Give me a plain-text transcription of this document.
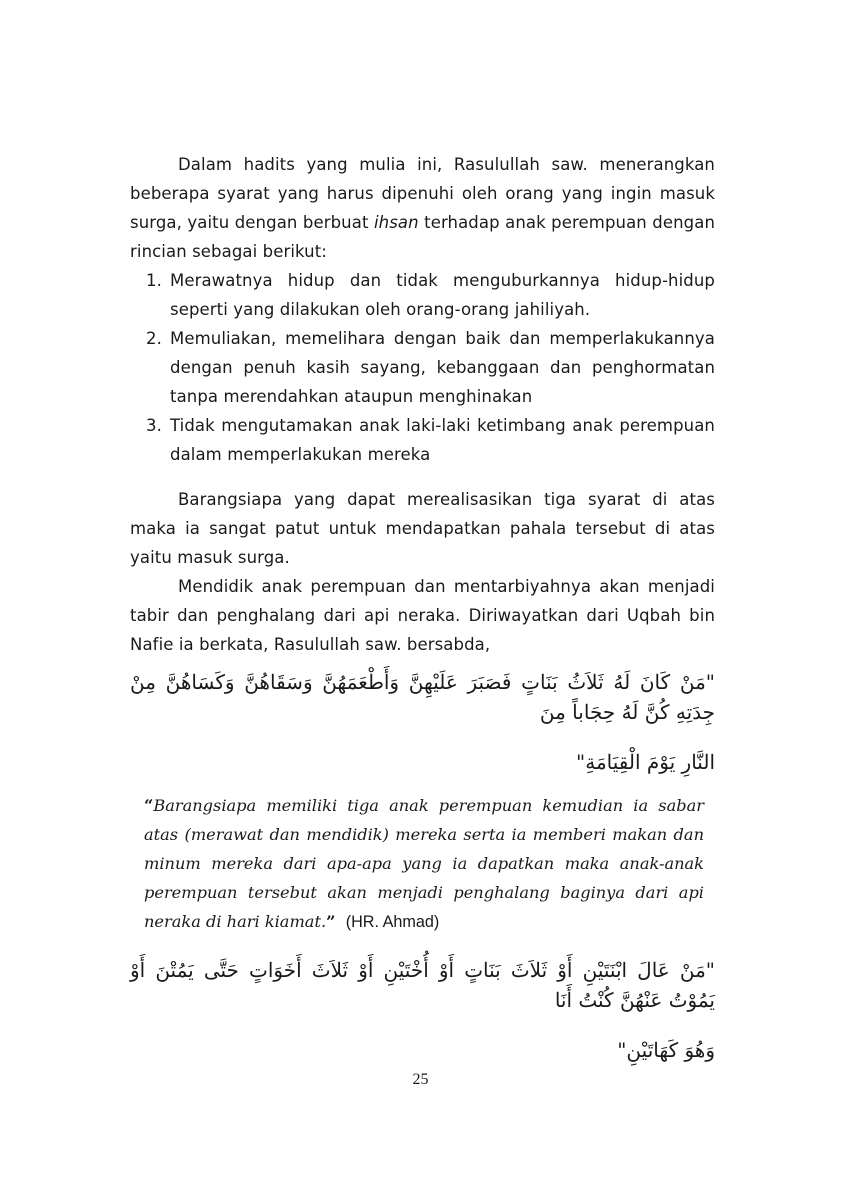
Dalam hadits yang mulia ini, Rasulullah saw. menerangkan beberapa syarat yang harus dipenuhi oleh orang yang ingin masuk surga, yaitu dengan berbuat ihsan terhadap anak perempuan dengan rincian sebagai berikut:

1. Merawatnya hidup dan tidak menguburkannya hidup-hidup seperti yang dilakukan oleh orang-orang jahiliyah.
2. Memuliakan, memelihara dengan baik dan memperlakukannya dengan penuh kasih sayang, kebanggaan dan penghormatan tanpa merendahkan ataupun menghinakan
3. Tidak mengutamakan anak laki-laki ketimbang anak perempuan dalam memperlakukan mereka

Barangsiapa yang dapat merealisasikan tiga syarat di atas maka ia sangat patut untuk mendapatkan pahala tersebut di atas yaitu masuk surga.

Mendidik anak perempuan dan mentarbiyahnya akan menjadi tabir dan penghalang dari api neraka. Diriwayatkan dari Uqbah bin Nafie ia berkata, Rasulullah saw. bersabda,

"مَنْ كَانَ لَهُ ثَلاَثُ بَنَاتٍ فَصَبَرَ عَلَيْهِنَّ وَأَطْعَمَهُنَّ وَسَقَاهُنَّ وَكَسَاهُنَّ مِنْ جِدَتِهِ كُنَّ لَهُ حِجَاباً مِنَ
النَّارِ يَوْمَ الْقِيَامَةِ"

“Barangsiapa memiliki tiga anak perempuan kemudian ia sabar atas (merawat dan mendidik) mereka serta ia memberi makan dan minum mereka dari apa-apa yang ia dapatkan maka anak-anak perempuan tersebut akan menjadi penghalang baginya dari api neraka di hari kiamat.” (HR. Ahmad)

"مَنْ عَالَ ابْنَتَيْنِ أَوْ ثَلاَثَ بَنَاتٍ أَوْ أُخْتَيْنِ أَوْ ثَلاَثَ أَخَوَاتٍ حَتَّى يَمُتْنَ أَوْ يَمُوْتُ عَنْهُنَّ كُنْتُ أَنَا
وَهُوَ كَهَاتَيْنِ"
25
